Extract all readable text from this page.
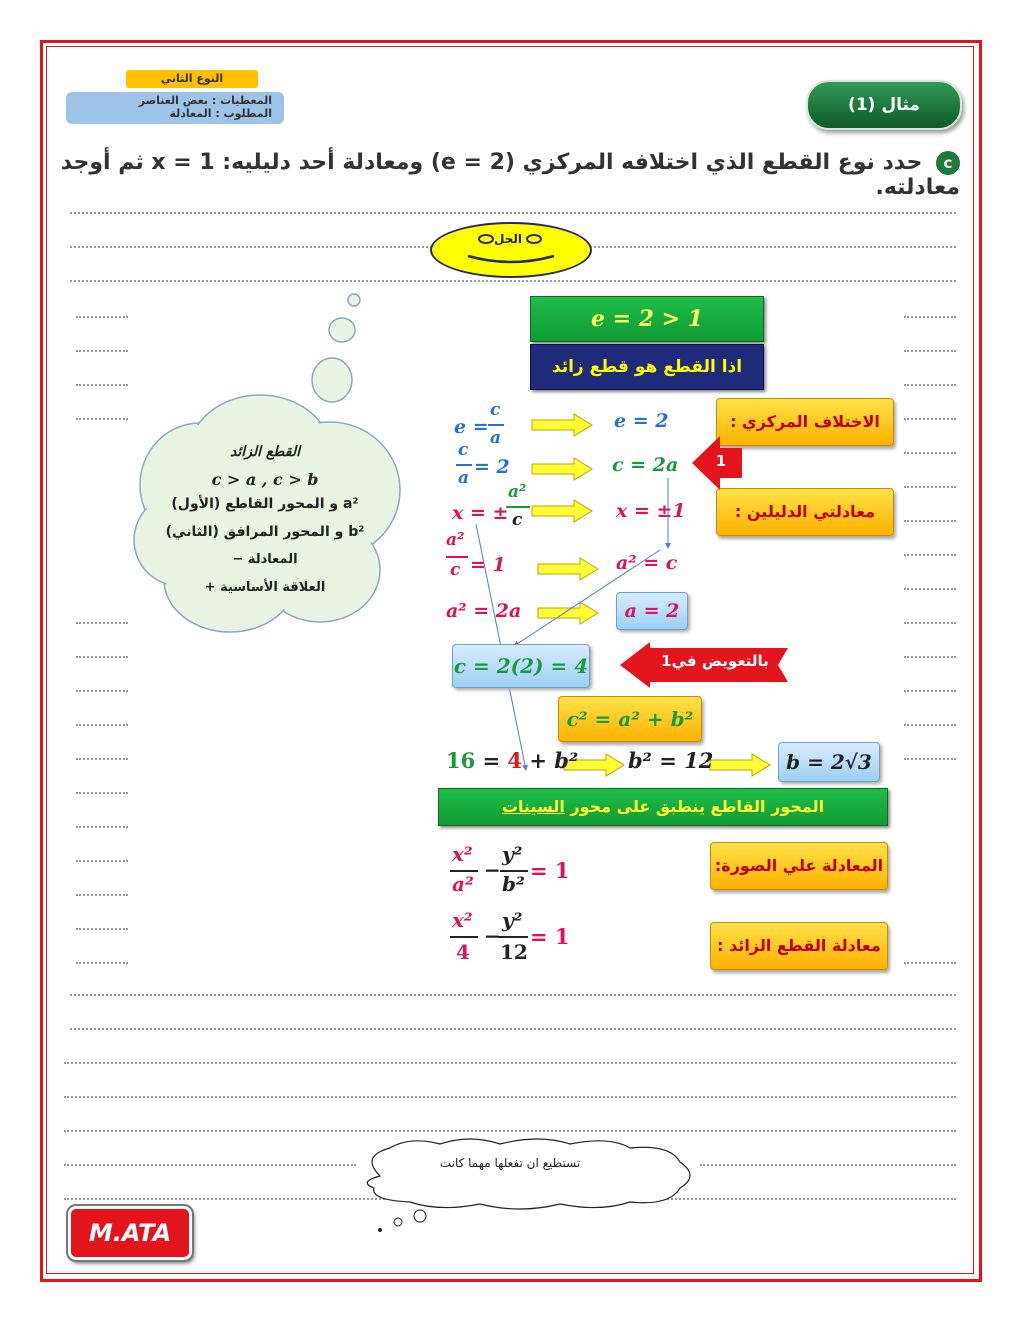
النوع الثاني
المعطيات : بعض العناصر
المطلوب : المعادلة	مثال (1)
c حدد نوع القطع الذي اختلافه المركزي (e = 2) ومعادلة أحد دليليه: x = 1 ثم أوجد معادلته.
الحل
القطع الزائد
c > a , c > b
a² و المحور القاطع (الأول)
b² و المحور المرافق (الثاني)
المعادلة −
العلاقة الأساسية +
e = 2 > 1
اذا القطع هو قطع زائد
الاختلاف المركزي :
معادلتي الدليلين :
1
e =
c
a
c
a = 2
x = ±
a²
c
a²
c = 1
a² = 2a
e = 2
c = 2a
x = ±1
a² = c
a = 2
c = 2(2) = 4	بالتعويض في1
c² = a² + b²
16 = 4 + b² b² = 12	b = 2√3
المحور القاطع ينطبق على محور السينات
المعادلة علي الصورة:
معادلة القطع الزائد :
x²
a²
−
y²
b²
= 1
x²
4
−
y²
12
= 1
تستطيع ان تفعلها مهما كانت
M.ATA
